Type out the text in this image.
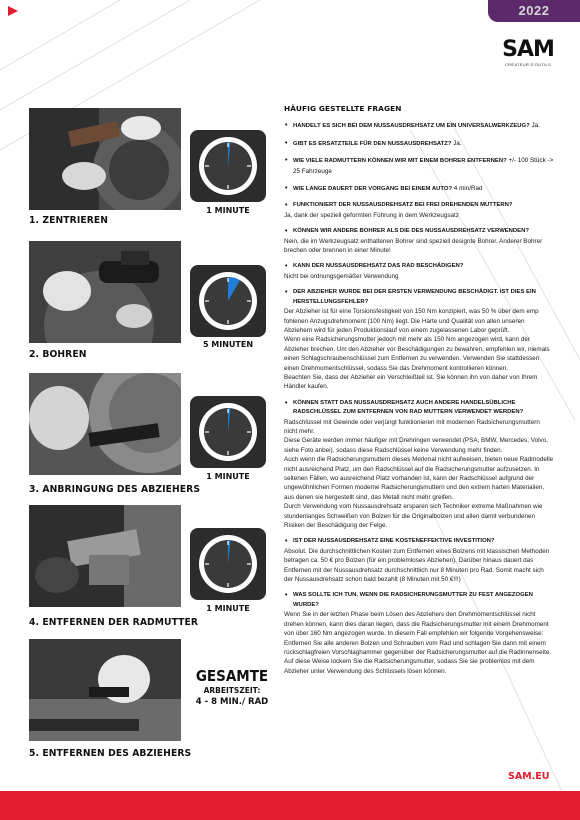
2022
SAM
CRÉATEUR D'OUTILS
1. ZENTRIEREN
1 MINUTE
2. BOHREN
5 MINUTEN
3. ANBRINGUNG DES ABZIEHERS
1 MINUTE
4. ENTFERNEN DER RADMUTTER
1 MINUTE
5. ENTFERNEN DES ABZIEHERS
GESAMTE
ARBEITSZEIT:
4 - 8 MIN./ RAD
HÄUFIG GESTELLTE FRAGEN
• HANDELT ES SICH BEI DEM NUSSAUSDREHSATZ UM EIN UNIVERSALWERKZEUG? Ja.
• GIBT ES ERSATZTEILE FÜR DEN NUSSAUSDREHSATZ? Ja.
• WIE VIELE RADMUTTERN KÖNNEN WIR MIT EINEM BOHRER ENTFERNEN? +/- 100 Stück -> 25 Fahrzeuge
• WIE LANGE DAUERT DER VORGANG BEI EINEM AUTO? 4 min/Rad
• FUNKTIONIERT DER NUSSAUSDREHSATZ BEI FREI DREHENDEN MUTTERN?

Ja, dank der speziell geformten Führung in dem Werkzeugsatz

• KÖNNEN WIR ANDERE BOHRER ALS DIE DES NUSSAUSDREHSATZ VERWENDEN?

Nein, die im Werkzeugsatz enthaltenen Bohrer sind speziell designte Bohrer. Anderer Bohrer brechen oder brennen in einer Minute!

• KANN DER NUSSAUSDREHSATZ DAS RAD BESCHÄDIGEN?

Nicht bei ordnungsgemäßer Verwendung

• DER ABZIEHER WURDE BEI DER ERSTEN VERWENDUNG BESCHÄDIGT. IST DIES EIN HERSTELLUNGSFEHLER?

Der Abzieher ist für eine Torsionsfestigkeit von 150 Nm konzipiert, was 50 % über dem emp fohlenen Anzugsdrehmoment (100 Nm) liegt. Die Härte und Qualität von allen unseren Abziehern wird für jeden Produktionslauf von einem zugelassenen Labor geprüft.

Wenn eine Radsicherungsmutter jedoch mit mehr als 150 Nm angezogen wird, kann der Abzieher brechen. Um den Abzieher vor Beschädigungen zu bewahren, empfehlen wir, niemals einen Schlagschraubenschlüssel zum Entfernen zu verwenden. Verwenden Sie stattdessen einen Drehmomentschlüssel, sodass Sie das Drehmoment kontrollieren können.

Beachten Sie, dass der Abzieher ein Verschleißteil ist. Sie können ihn von daher von Ihrem Händler kaufen.

• KÖNNEN STATT DAS NUSSAUSDREHSATZ AUCH ANDERE HANDELSÜBLICHE RADSCHLÜSSEL ZUM ENTFERNEN VON RAD MUTTERN VERWENDET WERDEN?

Radschlüssel mit Gewinde oder verjüngt funktionieren mit modernen Radsicherungsmuttern nicht mehr.

Diese Geräte werden immer häufiger mit Drehringen verwendet (PSA, BMW, Mercedes, Volvo, siehe Foto anbei), sodass diese Radschlüssel keine Verwendung mehr finden.

Auch wenn die Radsicherungsmuttern dieses Merkmal nicht aufweisen, bieten neue Radmodelle nicht ausreichend Platz, um den Radschlüssel auf die Radsicherungsmutter aufzusetzen. In seltenen Fällen, wo ausreichend Platz vorhanden ist, kann der Radschlüssel aufgrund der ungewöhnlichen Formen moderne Radsicherungsmuttern und den extrem harten Materialien, aus denen sie hergestellt sind, das Metall nicht mehr greifen.

Durch Verwendung vom Nussausdrehsatz ersparen sich Techniker extreme Maßnahmen wie stundenlanges Schweißen von Bolzen für die Originalbolzen und allen damit verbundenen Risiken der Beschädigung der Felge.

• IST DER NUSSAUSDREHSATZ EINE KOSTENEFFEKTIVE INVESTITION?

Absolut. Die durchschnittlichen Kosten zum Entfernen eines Bolzens mit klassischen Methoden betragen ca. 50 € pro Bolzen (für ein problemloses Abziehen). Darüber hinaus dauert das Entfernen mit der Nussausdrehsatz durchschnittlich nur 8 Minuten pro Rad. Somit macht sich der Nussausdrehsatz schon bald bezahlt (8 Minuten mit 50 €!!!)

• WAS SOLLTE ICH TUN, WENN DIE RADSICHERUNGSMUTTER ZU FEST ANGEZOGEN WURDE?

Wenn Sie in der letzten Phase beim Lösen des Abziehers den Drehmomentschlüssel nicht drehen können, kann dies daran liegen, dass die Radsicherungsmutter mit einem Drehmoment von über 160 Nm angezogen wurde. In diesem Fall empfehlen wir folgende Vorgehensweise: Entfernen Sie alle anderen Bolzen und Schrauben vom Rad und schlagen Sie dann mit einem rückschlagfreien Vorschlaghammer gegenüber der Radsicherungsmutter auf die Radinnenseite. Auf diese Weise lockern Sie die Radsicherungsmutter, sodass Sie sie problemlos mit dem Abzieher unter Verwendung des Schlüssels lösen können.

SAM.EU
